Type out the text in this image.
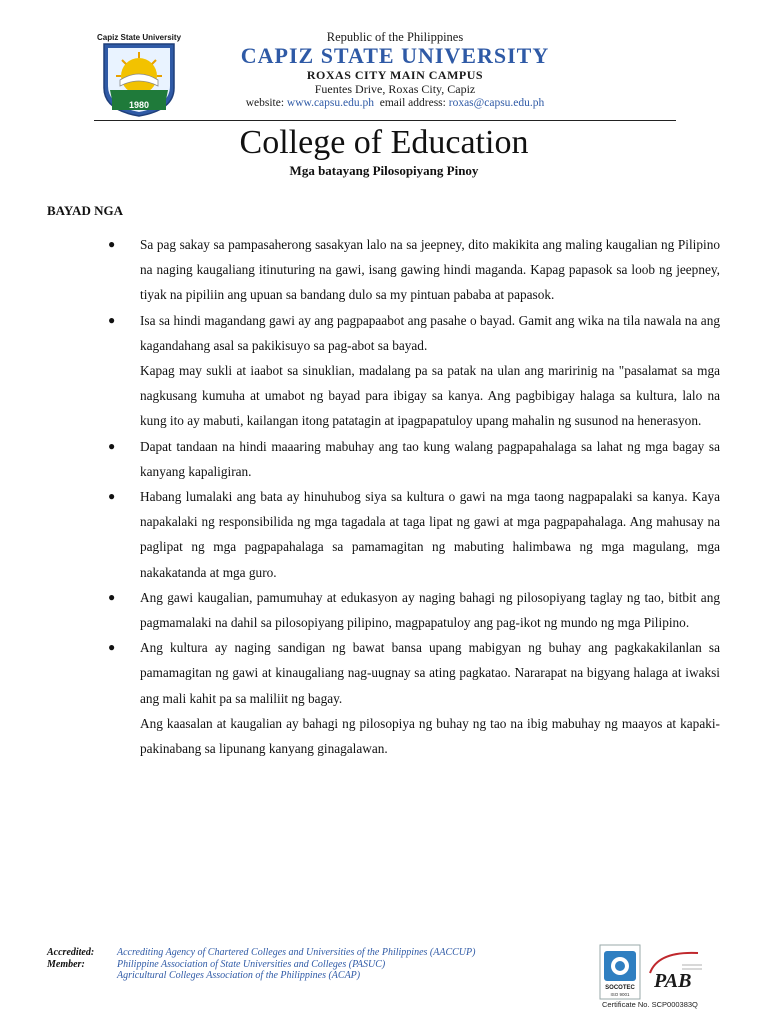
Capiz State University
1980
Republic of the Philippines
CAPIZ STATE UNIVERSITY
ROXAS CITY MAIN CAMPUS
Fuentes Drive, Roxas City, Capiz
website: www.capsu.edu.ph email address: roxas@capsu.edu.ph
College of Education
Mga batayang Pilosopiyang Pinoy
BAYAD NGA
● Sa pag sakay sa pampasaherong sasakyan lalo na sa jeepney, dito makikita ang maling kaugalian ng Pilipino na naging kaugaliang itinuturing na gawi, isang gawing hindi maganda. Kapag papasok sa loob ng jeepney, tiyak na pipiliin ang upuan sa bandang dulo sa my pintuan pababa at papasok.

● Isa sa hindi magandang gawi ay ang pagpapaabot ang pasahe o bayad. Gamit ang wika na tila nawala na ang kagandahang asal sa pakikisuyo sa pag-abot sa bayad.

Kapag may sukli at iaabot sa sinuklian, madalang pa sa patak na ulan ang maririnig na "pasalamat sa mga nagkusang kumuha at umabot ng bayad para ibigay sa kanya. Ang pagbibigay halaga sa kultura, lalo na kung ito ay mabuti, kailangan itong patatagin at ipagpapatuloy upang mahalin ng susunod na henerasyon.

● Dapat tandaan na hindi maaaring mabuhay ang tao kung walang pagpapahalaga sa lahat ng mga bagay sa kanyang kapaligiran.

● Habang lumalaki ang bata ay hinuhubog siya sa kultura o gawi na mga taong nagpapalaki sa kanya. Kaya napakalaki ng responsibilida ng mga tagadala at taga lipat ng gawi at mga pagpapahalaga. Ang mahusay na paglipat ng mga pagpapahalaga sa pamamagitan ng mabuting halimbawa ng mga magulang, mga nakakatanda at mga guro.

● Ang gawi kaugalian, pamumuhay at edukasyon ay naging bahagi ng pilosopiyang taglay ng tao, bitbit ang pagmamalaki na dahil sa pilosopiyang pilipino, magpapatuloy ang pag-ikot ng mundo ng mga Pilipino.

● Ang kultura ay naging sandigan ng bawat bansa upang mabigyan ng buhay ang pagkakakilanlan sa pamamagitan ng gawi at kinaugaliang nag-uugnay sa ating pagkatao. Nararapat na bigyang halaga at iwaksi ang mali kahit pa sa maliliit ng bagay.

Ang kaasalan at kaugalian ay bahagi ng pilosopiya ng buhay ng tao na ibig mabuhay ng maayos at kapaki-pakinabang sa lipunang kanyang ginagalawan.

Accredited: Accrediting Agency of Chartered Colleges and Universities of the Philippines (AACCUP)
Member:	Philippine Association of State Universities and Colleges (PASUC)
Agricultural Colleges Association of the Philippines (ACAP)
SOCOTEC
ISO 9001
PAB
Certificate No. SCP000383Q
